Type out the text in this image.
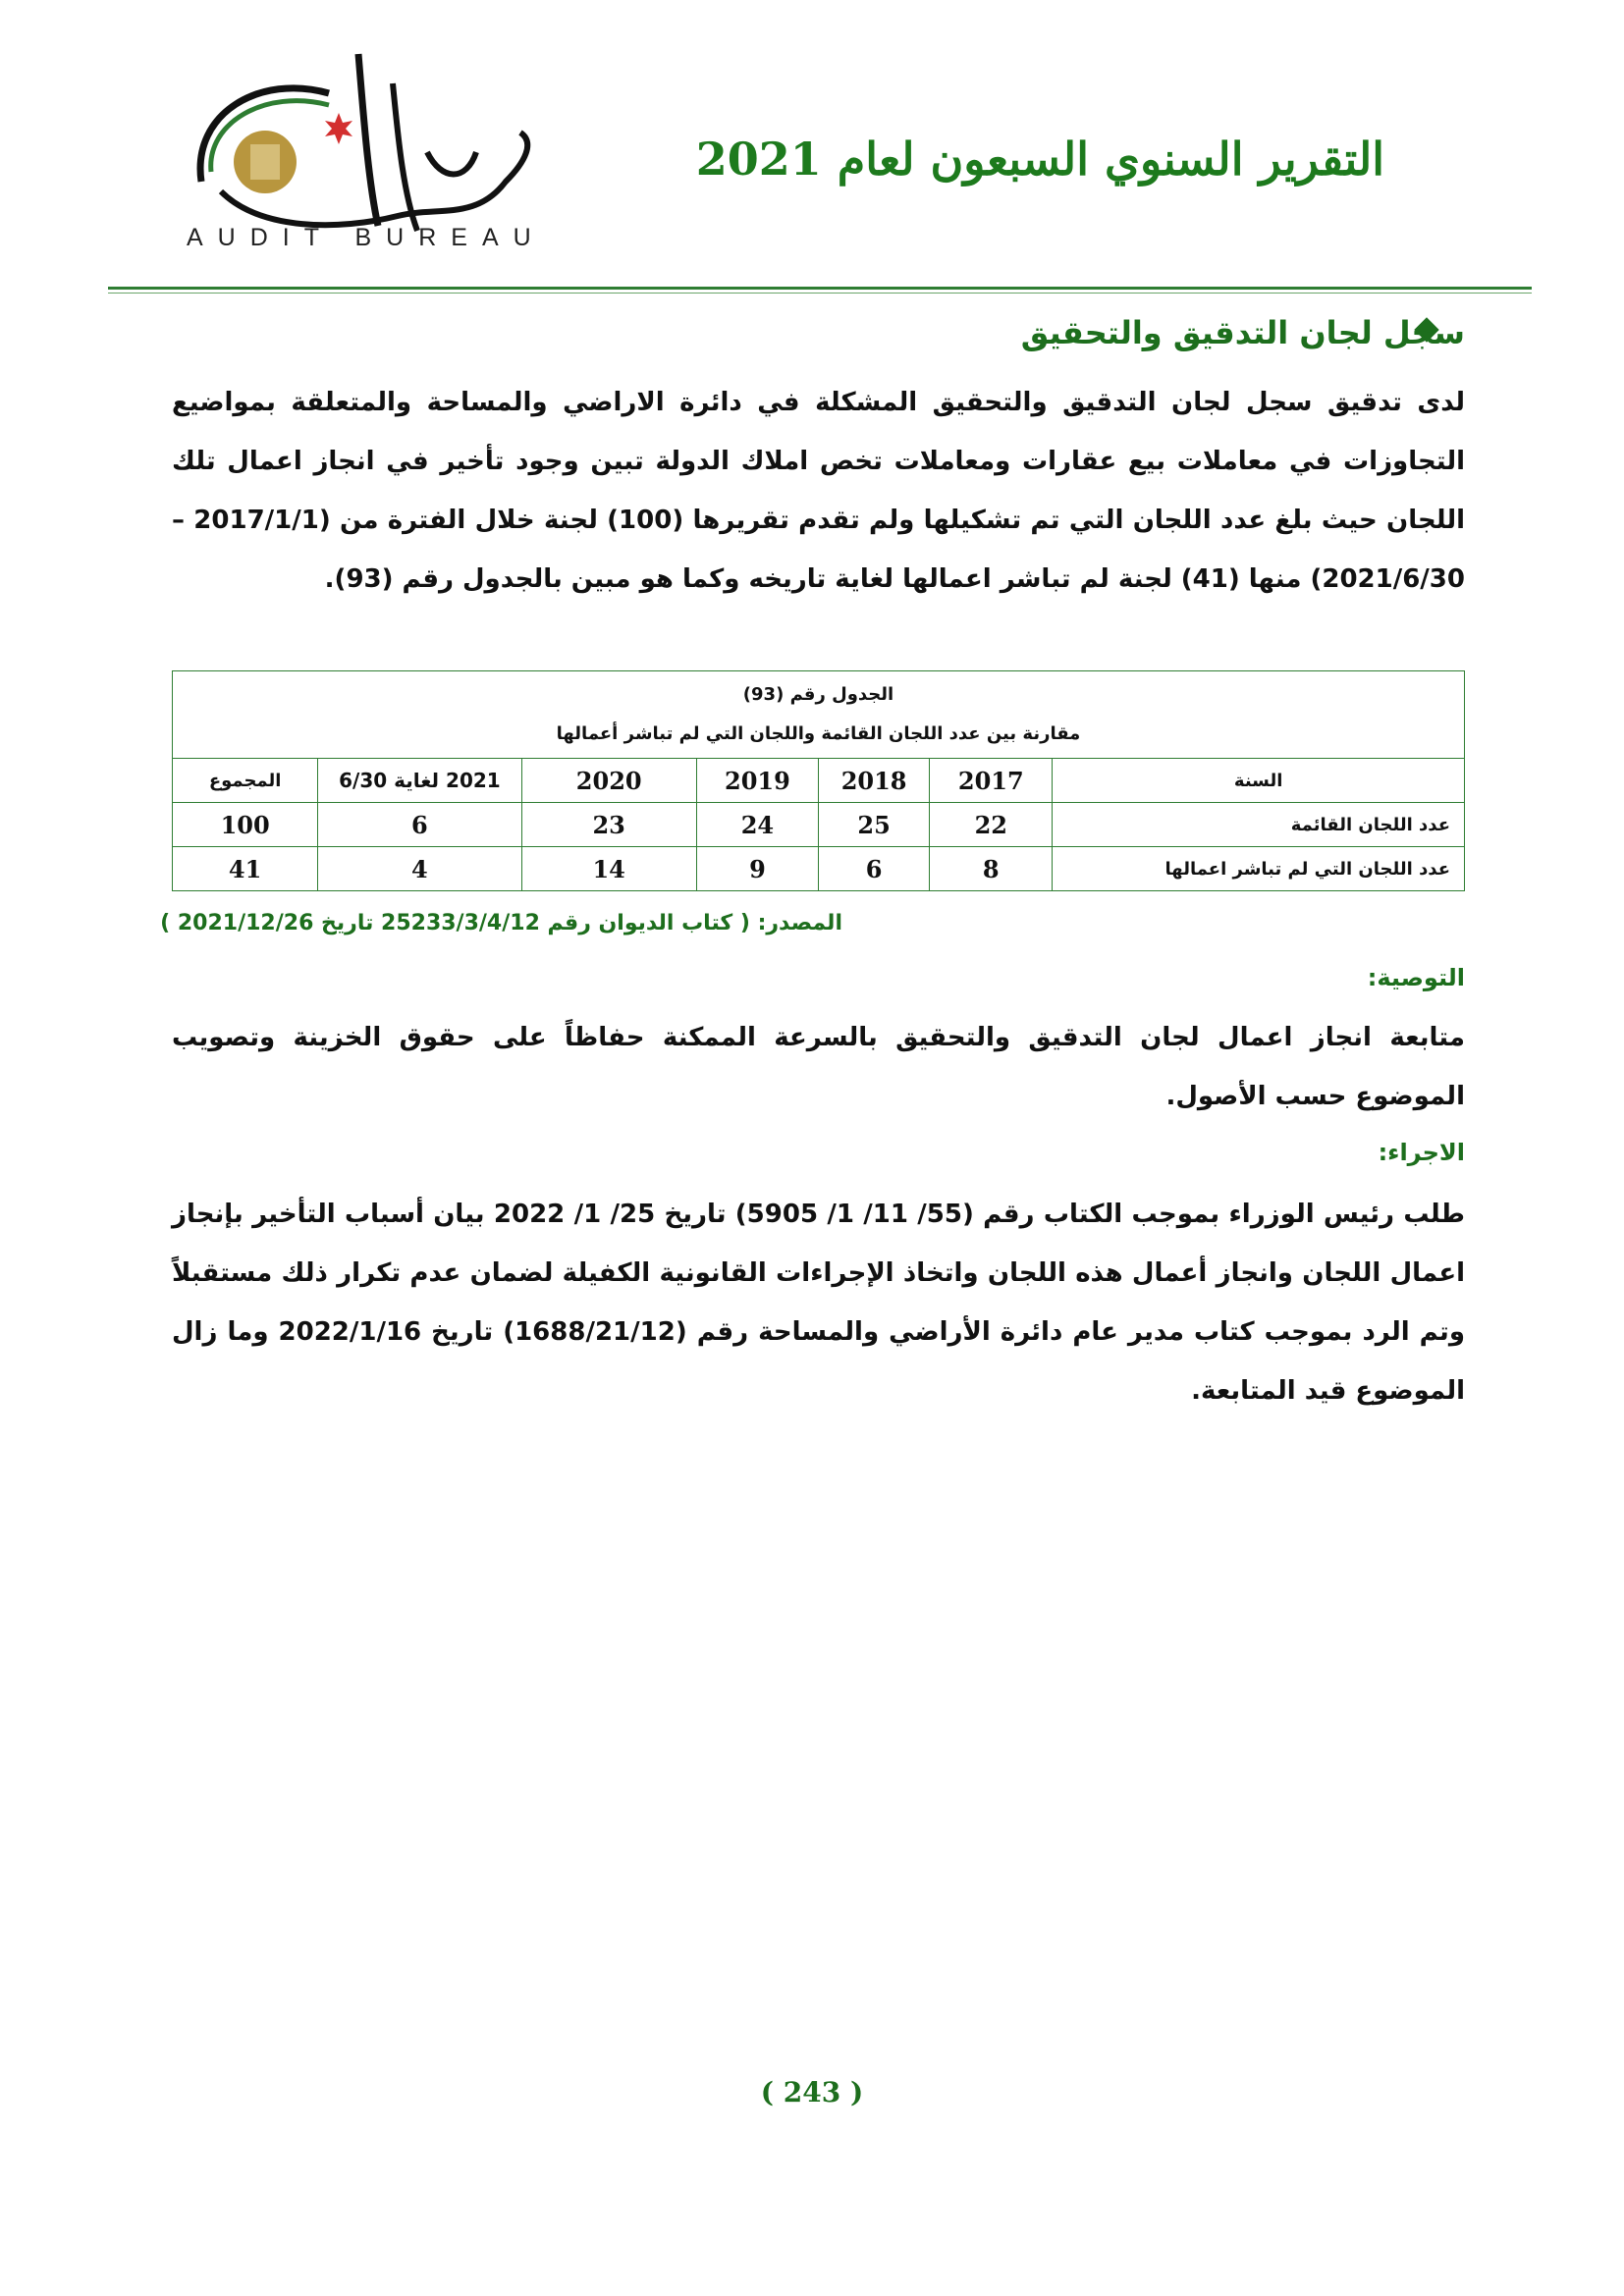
AUDIT BUREAU
التقرير السنوي السبعون لعام 2021
سجل لجان التدقيق والتحقيق
لدى تدقيق سجل لجان التدقيق والتحقيق المشكلة في دائرة الاراضي والمساحة والمتعلقة بمواضيع التجاوزات في معاملات بيع عقارات ومعاملات تخص املاك الدولة تبين وجود تأخير في انجاز اعمال تلك اللجان حيث بلغ عدد اللجان التي تم تشكيلها ولم تقدم تقريرها (100) لجنة خلال الفترة من (2017/1/1 – 2021/6/30) منها (41) لجنة لم تباشر اعمالها لغاية تاريخه وكما هو مبين بالجدول رقم (93).
الجدول رقم (93)
مقارنة بين عدد اللجان القائمة واللجان التي لم تباشر أعمالها						

السنة	2017	2018	2019	2020	2021 لغاية 6/30	المجموع
عدد اللجان القائمة	22	25	24	23	6	100
عدد اللجان التي لم تباشر اعمالها	8	6	9	14	4	41
المصدر: ( كتاب الديوان رقم 25233/3/4/12 تاريخ 2021/12/26 )
التوصية:
متابعة انجاز اعمال لجان التدقيق والتحقيق بالسرعة الممكنة حفاظاً على حقوق الخزينة وتصويب الموضوع حسب الأصول.
الاجراء:
طلب رئيس الوزراء بموجب الكتاب رقم (55/ 11/ 1/ 5905) تاريخ 25/ 1/ 2022 بيان أسباب التأخير بإنجاز اعمال اللجان وانجاز أعمال هذه اللجان واتخاذ الإجراءات القانونية الكفيلة لضمان عدم تكرار ذلك مستقبلاً وتم الرد بموجب كتاب مدير عام دائرة الأراضي والمساحة رقم (1688/21/12) تاريخ 2022/1/16 وما زال الموضوع قيد المتابعة.
( 243 )
